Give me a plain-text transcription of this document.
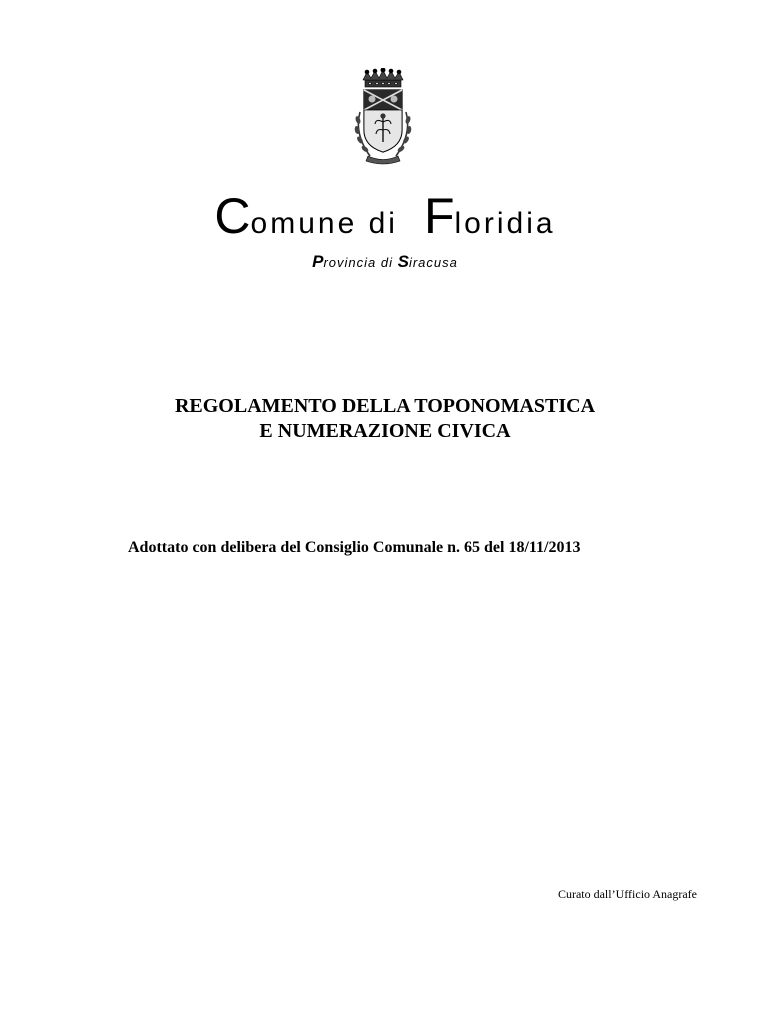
Comune di Floridia
Provincia di Siracusa
REGOLAMENTO DELLA TOPONOMASTICA
E NUMERAZIONE CIVICA
Adottato con delibera del Consiglio Comunale n. 65 del 18/11/2013
Curato dall’Ufficio Anagrafe
